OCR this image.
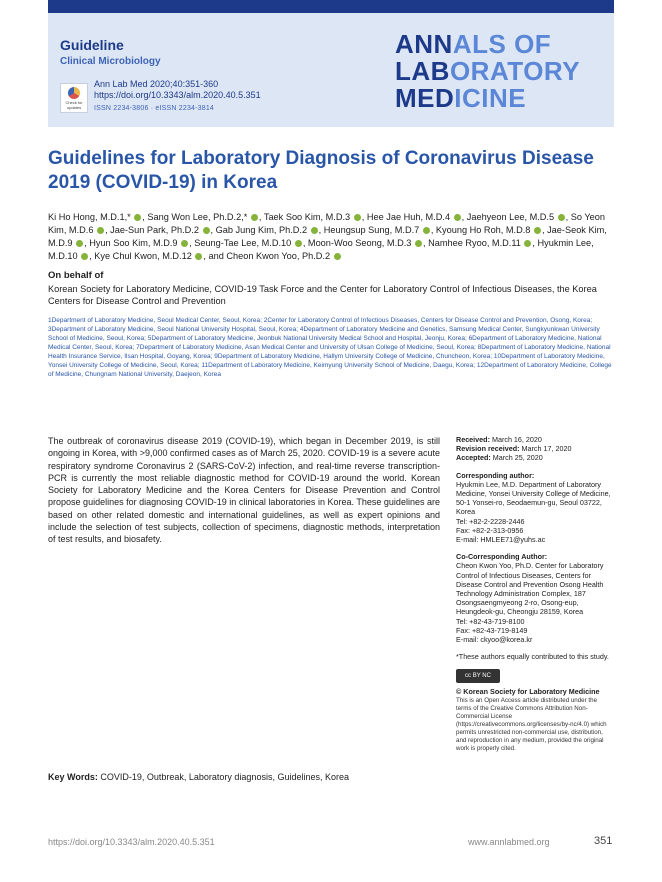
Guideline
Clinical Microbiology
Check for updates
Ann Lab Med 2020;40:351-360
https://doi.org/10.3343/alm.2020.40.5.351
ISSN 2234-3806 · eISSN 2234-3814
ANNALS OF
LABORATORY
MEDICINE
Guidelines for Laboratory Diagnosis of Coronavirus Disease 2019 (COVID-19) in Korea
Ki Ho Hong, M.D.1,* , Sang Won Lee, Ph.D.2,* , Taek Soo Kim, M.D.3 , Hee Jae Huh, M.D.4 , Jaehyeon Lee, M.D.5 , So Yeon Kim, M.D.6 , Jae-Sun Park, Ph.D.2 , Gab Jung Kim, Ph.D.2 , Heungsup Sung, M.D.7 , Kyoung Ho Roh, M.D.8 , Jae-Seok Kim, M.D.9 , Hyun Soo Kim, M.D.9 , Seung-Tae Lee, M.D.10 , Moon-Woo Seong, M.D.3 , Namhee Ryoo, M.D.11 , Hyukmin Lee, M.D.10 , Kye Chul Kwon, M.D.12 , and Cheon Kwon Yoo, Ph.D.2
On behalf of
Korean Society for Laboratory Medicine, COVID-19 Task Force and the Center for Laboratory Control of Infectious Diseases, the Korea Centers for Disease Control and Prevention
1Department of Laboratory Medicine, Seoul Medical Center, Seoul, Korea; 2Center for Laboratory Control of Infectious Diseases, Centers for Disease Control and Prevention, Osong, Korea; 3Department of Laboratory Medicine, Seoul National University Hospital, Seoul, Korea; 4Department of Laboratory Medicine and Genetics, Samsung Medical Center, Sungkyunkwan University School of Medicine, Seoul, Korea; 5Department of Laboratory Medicine, Jeonbuk National University Medical School and Hospital, Jeonju, Korea; 6Department of Laboratory Medicine, National Medical Center, Seoul, Korea; 7Department of Laboratory Medicine, Asan Medical Center and University of Ulsan College of Medicine, Seoul, Korea; 8Department of Laboratory Medicine, National Health Insurance Service, Ilsan Hospital, Goyang, Korea; 9Department of Laboratory Medicine, Hallym University College of Medicine, Chuncheon, Korea; 10Department of Laboratory Medicine, Yonsei University College of Medicine, Seoul, Korea; 11Department of Laboratory Medicine, Keimyung University School of Medicine, Daegu, Korea; 12Department of Laboratory Medicine, College of Medicine, Chungnam National University, Daejeon, Korea
The outbreak of coronavirus disease 2019 (COVID-19), which began in December 2019, is still ongoing in Korea, with >9,000 confirmed cases as of March 25, 2020. COVID-19 is a severe acute respiratory syndrome Coronavirus 2 (SARS-CoV-2) infection, and real-time reverse transcription-PCR is currently the most reliable diagnostic method for COVID-19 around the world. Korean Society for Laboratory Medicine and the Korea Centers for Disease Prevention and Control propose guidelines for diagnosing COVID-19 in clinical laboratories in Korea. These guidelines are based on other related domestic and international guidelines, as well as expert opinions and include the selection of test subjects, collection of specimens, diagnostic methods, interpretation of test results, and biosafety.
Received: March 16, 2020
Revision received: March 17, 2020
Accepted: March 25, 2020
Corresponding author:
Hyukmin Lee, M.D. Department of Laboratory Medicine, Yonsei University College of Medicine, 50-1 Yonsei-ro, Seodaemun-gu, Seoul 03722, Korea
Tel: +82-2-2228-2446
Fax: +82-2-313-0956
E-mail: HMLEE71@yuhs.ac
Co-Corresponding Author:
Cheon Kwon Yoo, Ph.D. Center for Laboratory Control of Infectious Diseases, Centers for Disease Control and Prevention Osong Health Technology Administration Complex, 187 Osongsaengmyeong 2-ro, Osong-eup, Heungdeok-gu, Cheongju 28159, Korea
Tel: +82-43-719-8100
Fax: +82-43-719-8149
E-mail: ckyoo@korea.kr
*These authors equally contributed to this study.
cc BY NC
© Korean Society for Laboratory Medicine
This is an Open Access article distributed under the terms of the Creative Commons Attribution Non-Commercial License (https://creativecommons.org/licenses/by-nc/4.0) which permits unrestricted non-commercial use, distribution, and reproduction in any medium, provided the original work is properly cited.
Key Words: COVID-19, Outbreak, Laboratory diagnosis, Guidelines, Korea
https://doi.org/10.3343/alm.2020.40.5.351	www.annlabmed.org	351
